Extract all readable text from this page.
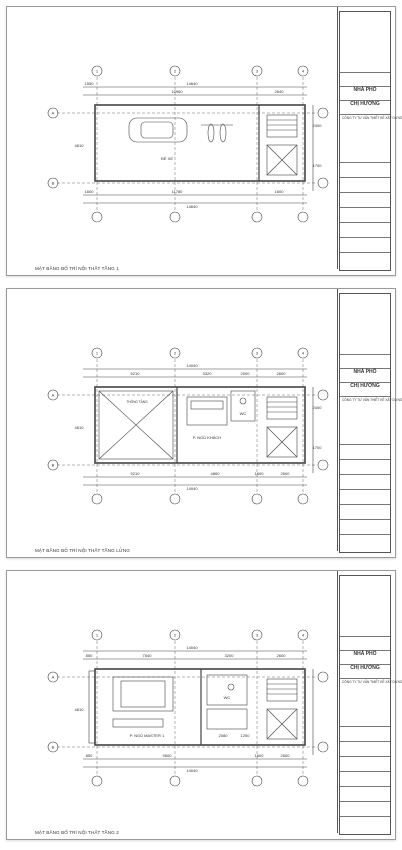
1	2	3	4
A
B
1550
10960	2640
14640
1600	11780	1600
14640
4810
2400
1700
ĐỂ XE
MẶT BẰNG BỐ TRÍ NỘI THẤT TẦNG 1
NHÀ PHỐ
CHỊ HƯƠNG
CÔNG TY TƯ VẤN THIẾT KẾ XÂY DỰNG
1	2	3	4
A
B
5210	3320	2000	2600
14040
5210	4860	1600	2600
14040
4810
2400
1700
THÔNG TẦNG
P. NGỦ KHÁCH
WC
MẶT BẰNG BỐ TRÍ NỘI THẤT TẦNG LỬNG
NHÀ PHỐ
CHỊ HƯƠNG
CÔNG TY TƯ VẤN THIẾT KẾ XÂY DỰNG
1	2	3	4
A
B
850	7540	3200	2600
14040
850	9600	1600	2600
14040
4810
2080	1250
P. NGỦ MASTER 1
WC
MẶT BẰNG BỐ TRÍ NỘI THẤT TẦNG 2
NHÀ PHỐ
CHỊ HƯƠNG
CÔNG TY TƯ VẤN THIẾT KẾ XÂY DỰNG
